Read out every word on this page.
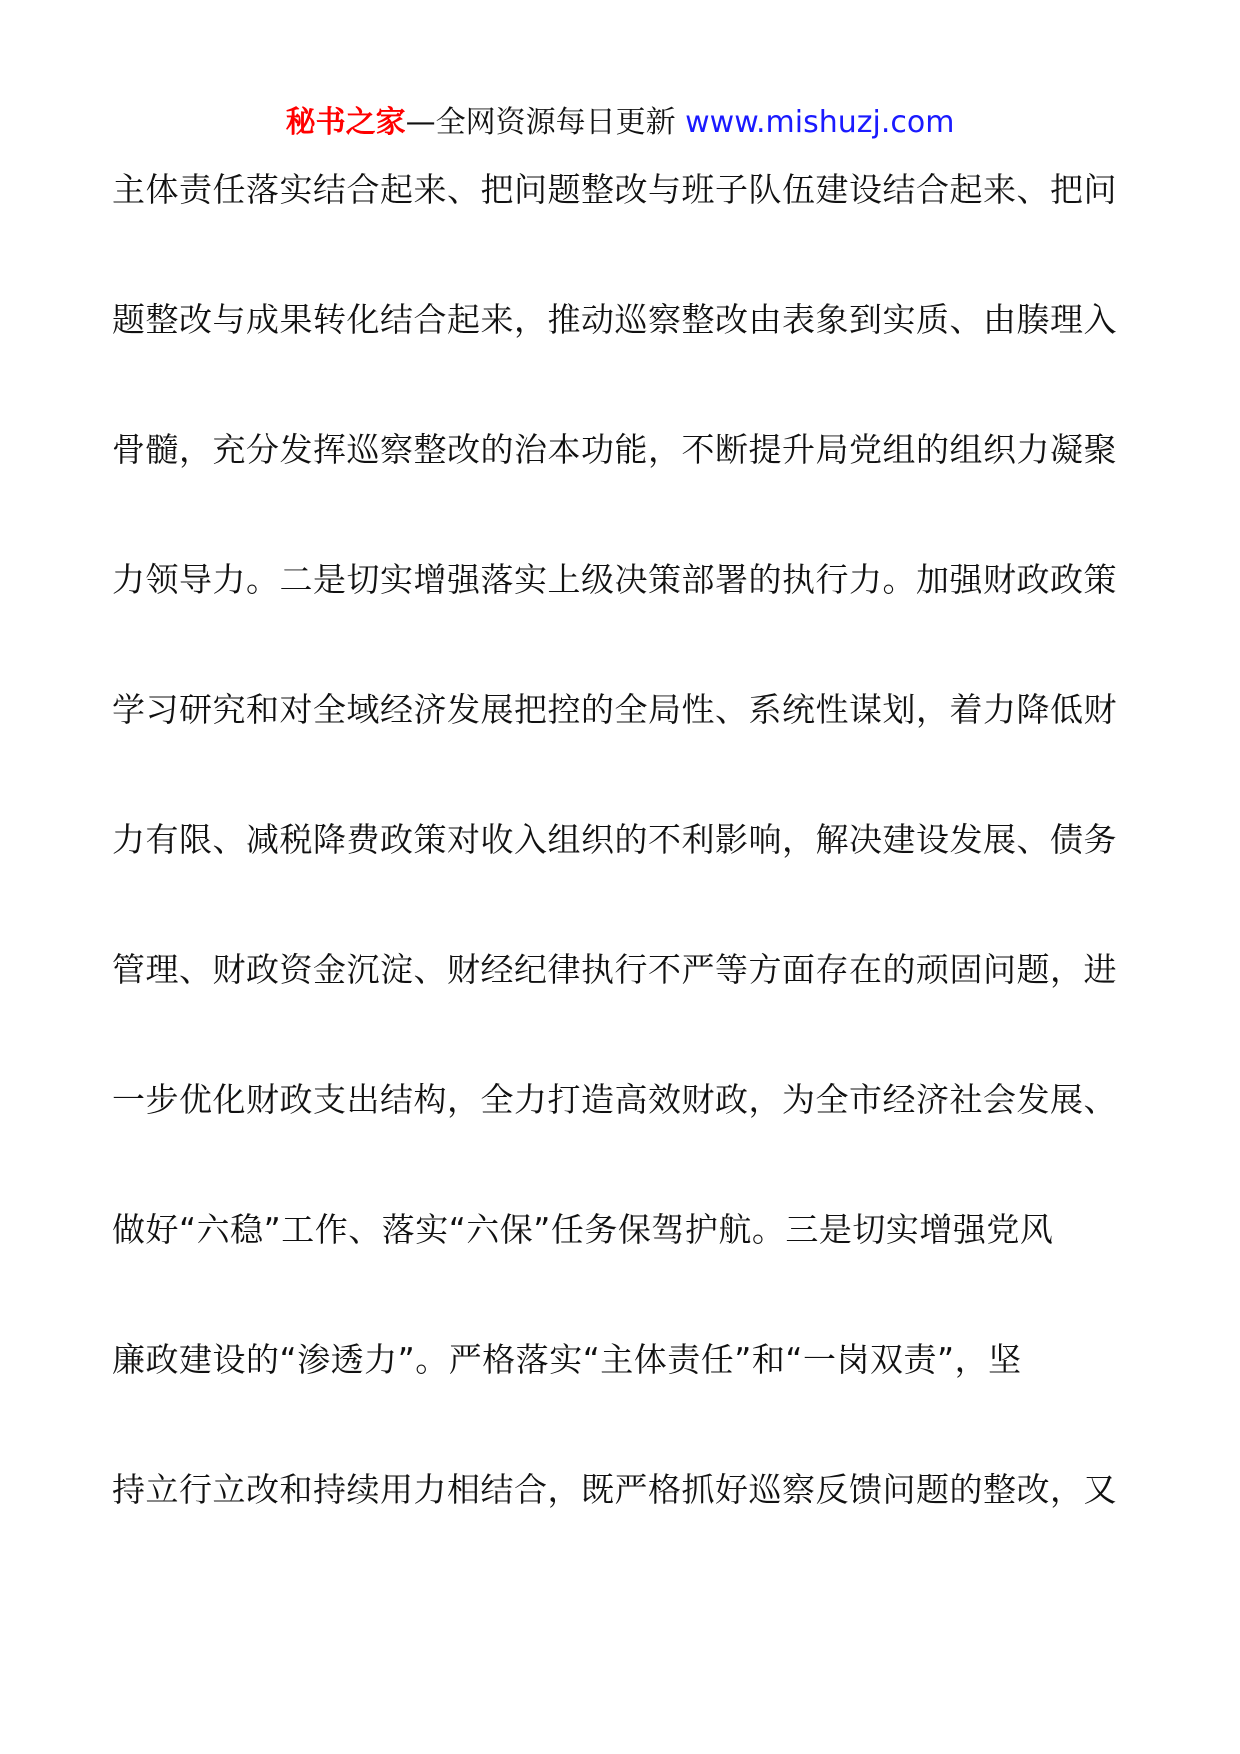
秘书之家—全网资源每日更新 www.mishuzj.com
主体责任落实结合起来、把问题整改与班子队伍建设结合起来、把问
题整改与成果转化结合起来，推动巡察整改由表象到实质、由腠理入
骨髓，充分发挥巡察整改的治本功能，不断提升局党组的组织力凝聚
力领导力。二是切实增强落实上级决策部署的执行力。加强财政政策
学习研究和对全域经济发展把控的全局性、系统性谋划，着力降低财
力有限、减税降费政策对收入组织的不利影响，解决建设发展、债务
管理、财政资金沉淀、财经纪律执行不严等方面存在的顽固问题，进
一步优化财政支出结构，全力打造高效财政，为全市经济社会发展、
做好“六稳”工作、落实“六保”任务保驾护航。三是切实增强党风
廉政建设的“渗透力”。严格落实“主体责任”和“一岗双责”，坚
持立行立改和持续用力相结合，既严格抓好巡察反馈问题的整改，又
